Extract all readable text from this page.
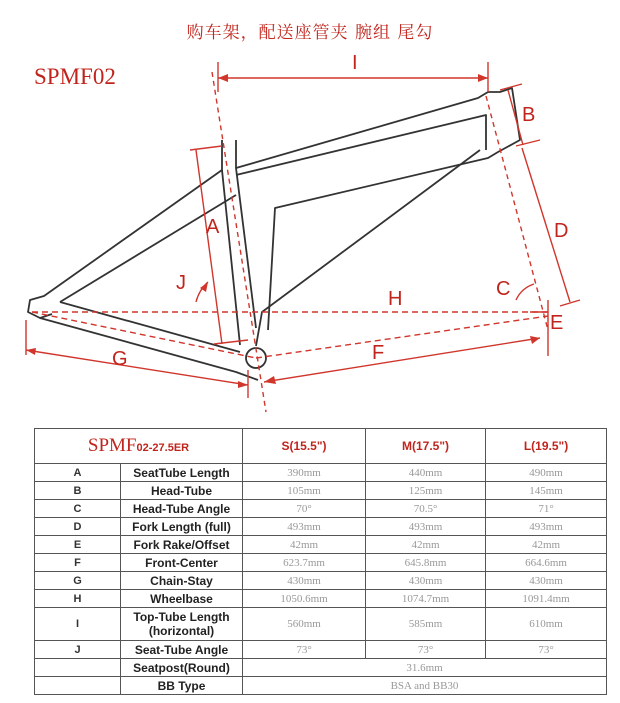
购车架，配送座管夹 腕组 尾勾
SPMF02
I
B
D
A
J
H	C
E
F
G
SPMF02-27.5ER		S(15.5")	M(17.5")	L(19.5")
A	SeatTube Length	390mm	440mm	490mm
B	Head-Tube	105mm	125mm	145mm
C	Head-Tube Angle	70°	70.5°	71°
D	Fork Length (full)	493mm	493mm	493mm
E	Fork Rake/Offset	42mm	42mm	42mm
F	Front-Center	623.7mm	645.8mm	664.6mm
G	Chain-Stay	430mm	430mm	430mm
H	Wheelbase	1050.6mm	1074.7mm	1091.4mm
I	Top-Tube Length
(horizontal)	560mm	585mm	610mm
J	Seat-Tube Angle	73°	73°	73°
	Seatpost(Round)	31.6mm		
	BB Type	BSA and BB30		
